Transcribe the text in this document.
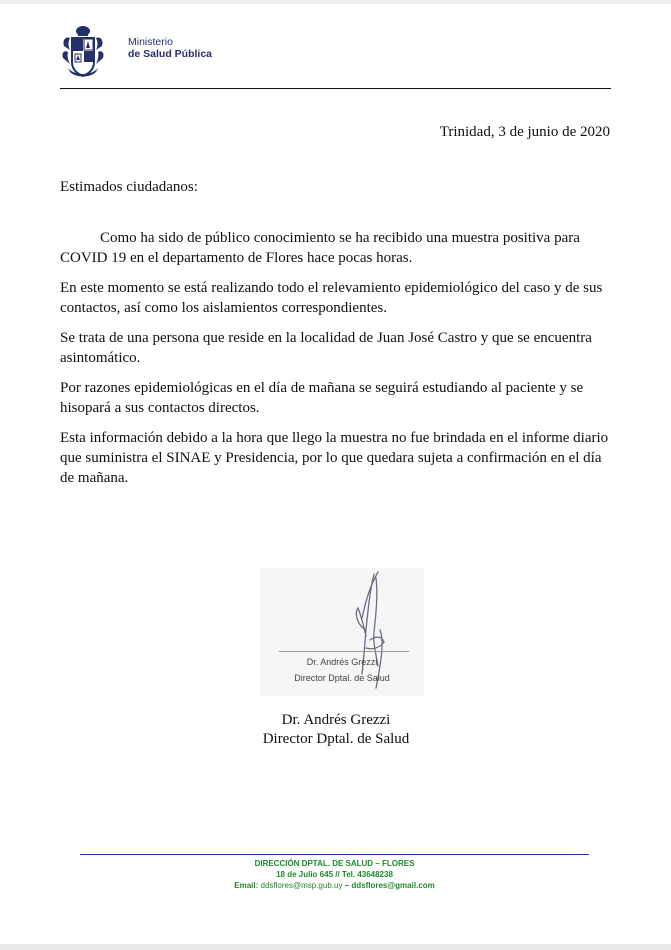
Ministerio
de Salud Pública
Trinidad, 3 de junio de 2020
Estimados ciudadanos:

Como ha sido de público conocimiento se ha recibido una muestra positiva para COVID 19 en el departamento de Flores hace pocas horas.

En este momento se está realizando todo el relevamiento epidemiológico del caso y de sus contactos, así como los aislamientos correspondientes.

Se trata de una persona que reside en la localidad de Juan José Castro y que se encuentra asintomático.

Por razones epidemiológicas en el día de mañana se seguirá estudiando al paciente y se hisopará a sus contactos directos.

Esta información debido a la hora que llego la muestra no fue brindada en el informe diario que suministra el SINAE y Presidencia, por lo que quedara sujeta a confirmación en el día de mañana.

Dr. Andrés Grezzi
Director Dptal. de Salud
Dr. Andrés Grezzi
Director Dptal. de Salud
DIRECCIÓN DPTAL. DE SALUD – FLORES
18 de Julio 645 // Tel. 43648238
Email: ddsflores@msp.gub.uy – ddsflores@gmail.com
